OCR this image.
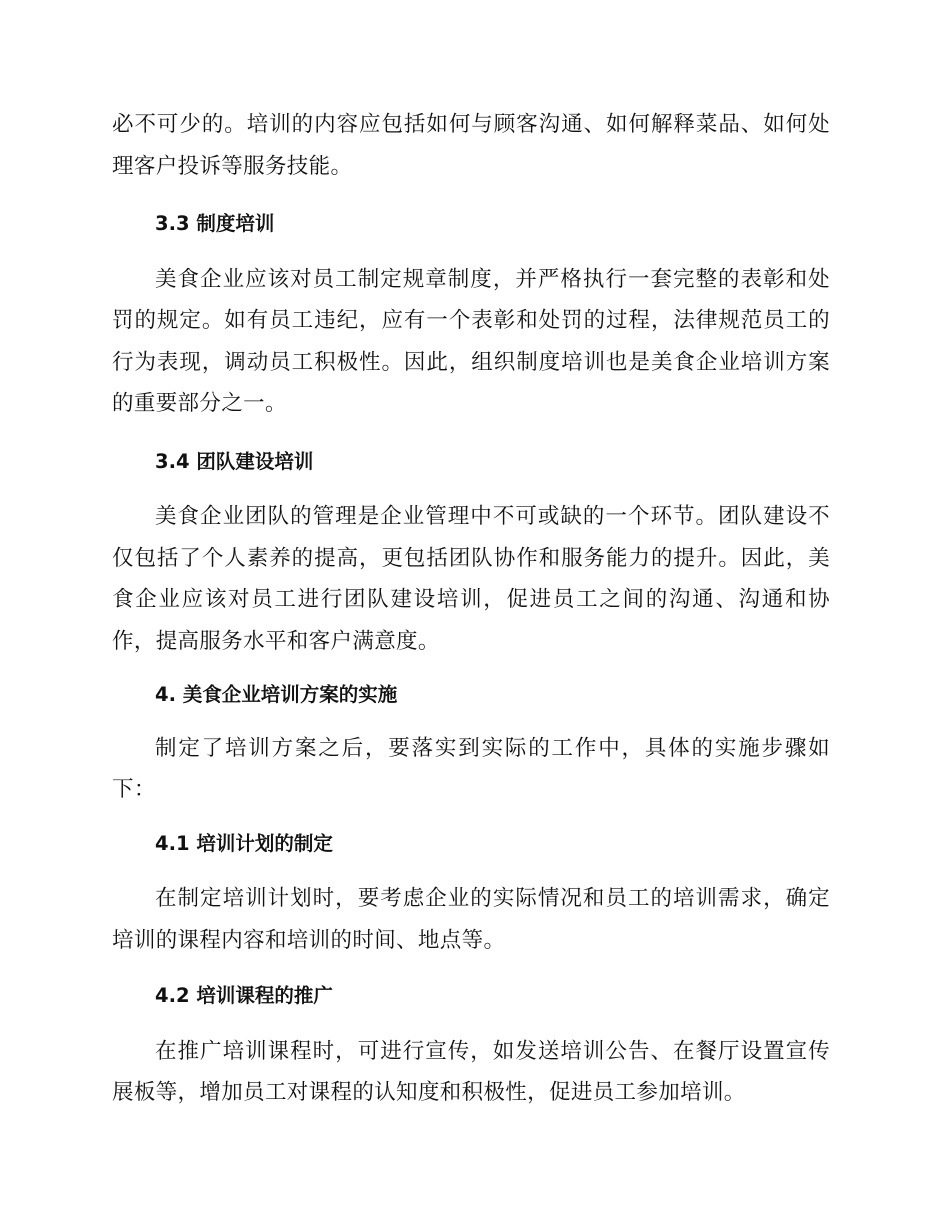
必不可少的。培训的内容应包括如何与顾客沟通、如何解释菜品、如何处理客户投诉等服务技能。

3.3 制度培训

美食企业应该对员工制定规章制度，并严格执行一套完整的表彰和处罚的规定。如有员工违纪，应有一个表彰和处罚的过程，法律规范员工的行为表现，调动员工积极性。因此，组织制度培训也是美食企业培训方案的重要部分之一。

3.4 团队建设培训

美食企业团队的管理是企业管理中不可或缺的一个环节。团队建设不仅包括了个人素养的提高，更包括团队协作和服务能力的提升。因此，美食企业应该对员工进行团队建设培训，促进员工之间的沟通、沟通和协作，提高服务水平和客户满意度。

4. 美食企业培训方案的实施

制定了培训方案之后，要落实到实际的工作中，具体的实施步骤如下：

4.1 培训计划的制定

在制定培训计划时，要考虑企业的实际情况和员工的培训需求，确定培训的课程内容和培训的时间、地点等。

4.2 培训课程的推广

在推广培训课程时，可进行宣传，如发送培训公告、在餐厅设置宣传展板等，增加员工对课程的认知度和积极性，促进员工参加培训。
